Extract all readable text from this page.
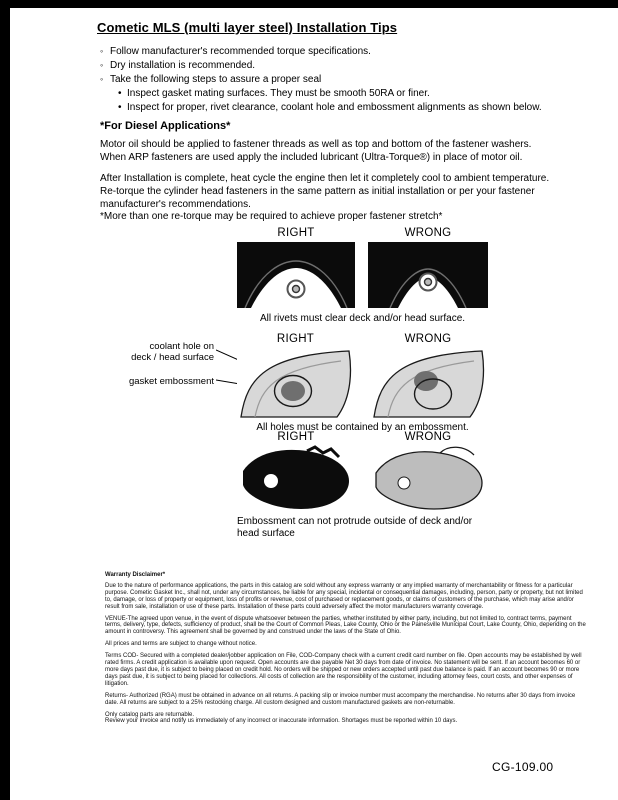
Cometic MLS (multi layer steel) Installation Tips
◦ Follow manufacturer's recommended torque specifications.
◦ Dry installation is recommended.
◦ Take the following steps to assure a proper seal
• Inspect gasket mating surfaces. They must be smooth 50RA or finer.
• Inspect for proper, rivet clearance, coolant hole and embossment alignments as shown below.
*For Diesel Applications*
Motor oil should be applied to fastener threads as well as top and bottom of the fastener washers. When ARP fasteners are used apply the included lubricant (Ultra-Torque®) in place of motor oil.
After Installation is complete, heat cycle the engine then let it completely cool to ambient temperature. Re-torque the cylinder head fasteners in the same pattern as initial installation or per your fastener manufacturer's recommendations.
*More than one re-torque may be required to achieve proper fastener stretch*
RIGHT	WRONG
All rivets must clear deck and/or head surface.
RIGHT	WRONG
coolant hole on
deck / head surface
gasket embossment
All holes must be contained by an embossment.
RIGHT	WRONG
Embossment can not protrude outside of deck and/or head surface
Warranty Disclaimer*

Due to the nature of performance applications, the parts in this catalog are sold without any express warranty or any implied warranty of merchantability or fitness for a particular purpose. Cometic Gasket Inc., shall not, under any circumstances, be liable for any special, incidental or consequential damages, including, person, party or property, but not limited to, damage, or loss of property or equipment, loss of profits or revenue, cost of purchased or replacement goods, or claims of customers of the purchase, which may arise and/or result from sale, installation or use of these parts. Installation of these parts could adversely affect the motor manufacturers warranty coverage.

VENUE-The agreed upon venue, in the event of dispute whatsoever between the parties, whether instituted by either party, including, but not limited to, contract terms, payment terms, delivery, type, defects, sufficiency of product, shall be the Court of Common Pleas, Lake County, Ohio or the Painesville Municipal Court, Lake County, Ohio, depending on the amount in controversy. This agreement shall be governed by and construed under the laws of the State of Ohio.

All prices and terms are subject to change without notice.

Terms COD- Secured with a completed dealer/jobber application on File, COD-Company check with a current credit card number on file. Open accounts may be established by well rated firms. A credit application is available upon request. Open accounts are due payable Net 30 days from date of invoice. No statement will be sent. If an account becomes 60 or more days past due, it is subject to being placed on credit hold. No orders will be shipped or new orders accepted until past due balance is paid. If an account becomes 90 or more days past due, it is subject to being placed for collections. All costs of collection are the responsibility of the customer, including attorney fees, court costs, and other expenses of litigation.

Returns- Authorized (RGA) must be obtained in advance on all returns. A packing slip or invoice number must accompany the merchandise. No returns after 30 days from invoice date. All returns are subject to a 25% restocking charge. All custom designed and custom manufactured gaskets are non-returnable.

Only catalog parts are returnable.

Review your invoice and notify us immediately of any incorrect or inaccurate information. Shortages must be reported within 10 days.

CG-109.00
